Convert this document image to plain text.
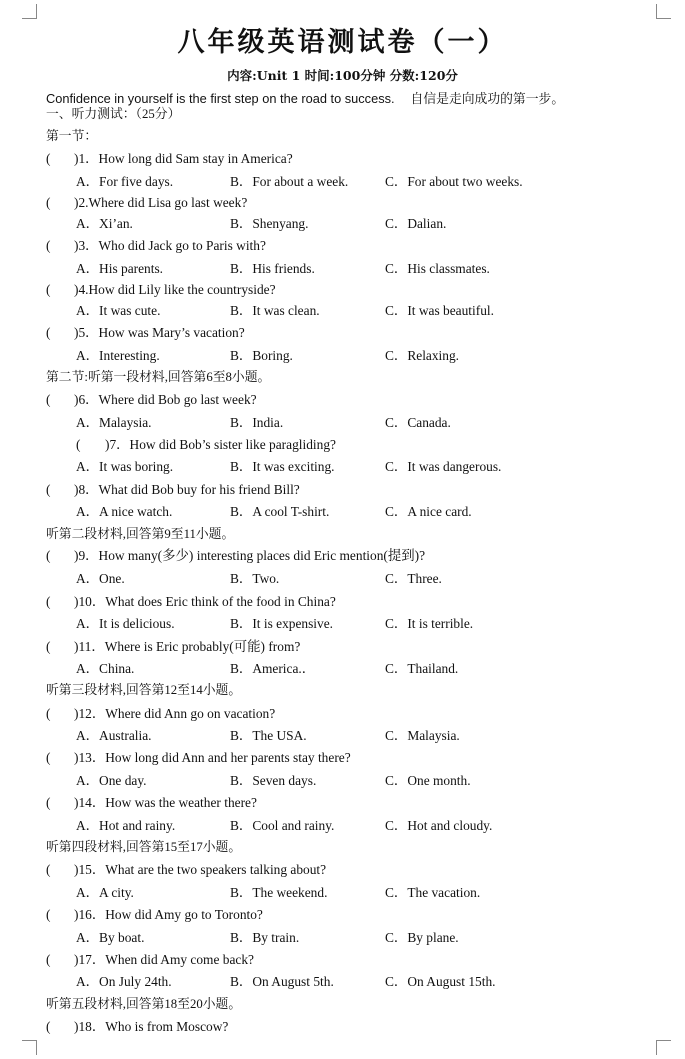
八年级英语测试卷（一）
内容:Unit 1 时间:100分钟 分数:120分
Confidence in yourself is the first step on the road to success. 自信是走向成功的第一步。
一、听力测试：（25分）
第一节：
( )1．How long did Sam stay in America?
A．For five days.	B．For about a week.	C．For about two weeks.
( )2.Where did Lisa go last week?
A．Xi’an.	B．Shenyang.	C．Dalian.
( )3．Who did Jack go to Paris with?
A．His parents.	B．His friends.	C．His classmates.
( )4.How did Lily like the countryside?
A．It was cute.	B．It was clean.	C．It was beautiful.
( )5．How was Mary’s vacation?
A．Interesting.	B．Boring.	C．Relaxing.
第二节:听第一段材料,回答第6至8小题。
( )6．Where did Bob go last week?
A．Malaysia.	B．India.	C．Canada.
( )7．How did Bob’s sister like paragliding?
A．It was boring.	B．It was exciting.	C．It was dangerous.
( )8．What did Bob buy for his friend Bill?
A．A nice watch.	B．A cool T-shirt.	C．A nice card.
听第二段材料,回答第9至11小题。
( )9．How many(多少) interesting places did Eric mention(提到)?
A．One.	B．Two.	C．Three.
( )10．What does Eric think of the food in China?
A．It is delicious.	B．It is expensive.	C．It is terrible.
( )11．Where is Eric probably(可能) from?
A．China.	B．America.．	C．Thailand.
听第三段材料,回答第12至14小题。
( )12．Where did Ann go on vacation?
A．Australia.	B．The USA.	C．Malaysia.
( )13．How long did Ann and her parents stay there?
A．One day.	B．Seven days.	C．One month.
( )14．How was the weather there?
A．Hot and rainy.	B．Cool and rainy.	C．Hot and cloudy.
听第四段材料,回答第15至17小题。
( )15．What are the two speakers talking about?
A．A city.	B．The weekend.	C．The vacation.
( )16．How did Amy go to Toronto?
A．By boat.	B．By train.	C．By plane.
( )17．When did Amy come back?
A．On July 24th.	B．On August 5th.	C．On August 15th.
听第五段材料,回答第18至20小题。
( )18．Who is from Moscow?
